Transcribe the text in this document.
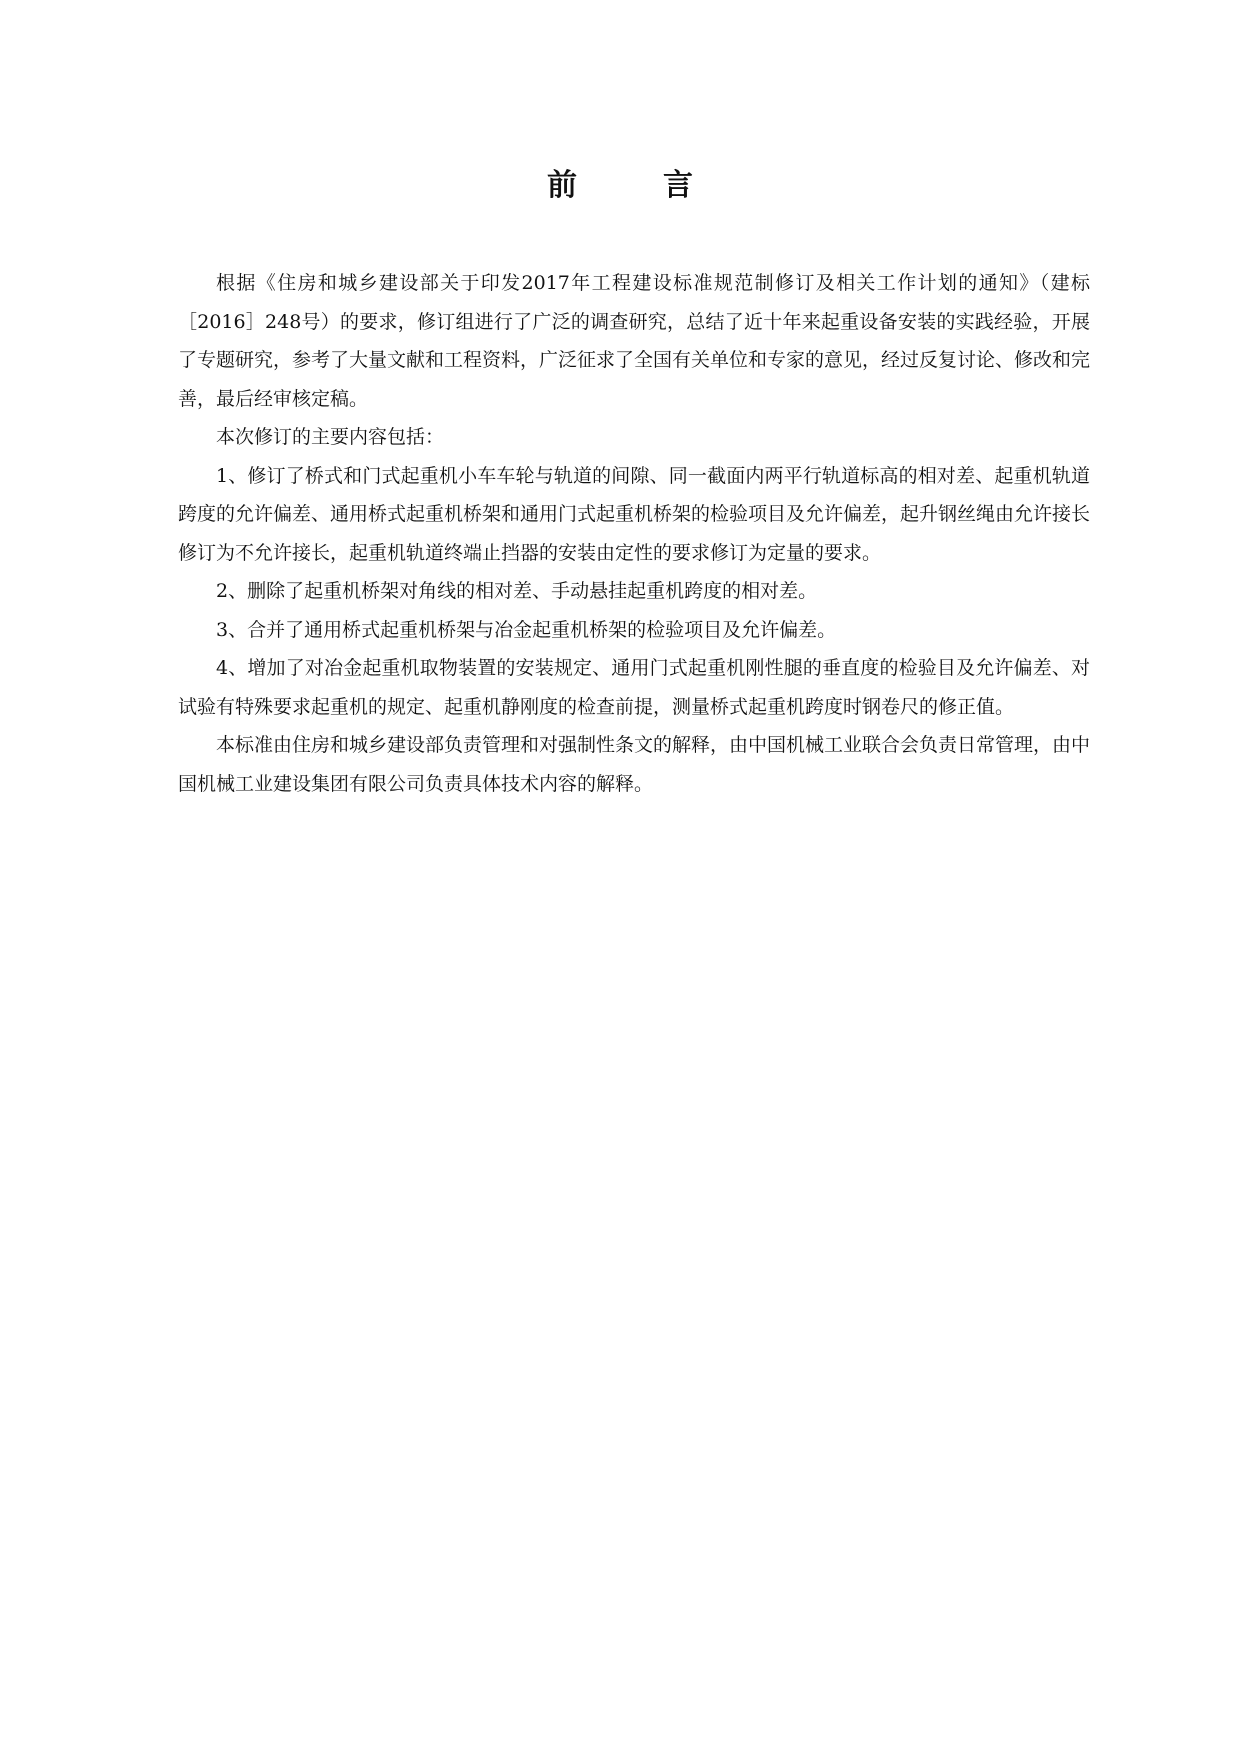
前　言

根据《住房和城乡建设部关于印发2017年工程建设标准规范制修订及相关工作计划的通知》（建标［2016］248号）的要求，修订组进行了广泛的调查研究，总结了近十年来起重设备安装的实践经验，开展了专题研究，参考了大量文献和工程资料，广泛征求了全国有关单位和专家的意见，经过反复讨论、修改和完善，最后经审核定稿。

本次修订的主要内容包括：

1、修订了桥式和门式起重机小车车轮与轨道的间隙、同一截面内两平行轨道标高的相对差、起重机轨道跨度的允许偏差、通用桥式起重机桥架和通用门式起重机桥架的检验项目及允许偏差，起升钢丝绳由允许接长修订为不允许接长，起重机轨道终端止挡器的安装由定性的要求修订为定量的要求。

2、删除了起重机桥架对角线的相对差、手动悬挂起重机跨度的相对差。

3、合并了通用桥式起重机桥架与冶金起重机桥架的检验项目及允许偏差。

4、增加了对冶金起重机取物装置的安装规定、通用门式起重机刚性腿的垂直度的检验目及允许偏差、对试验有特殊要求起重机的规定、起重机静刚度的检查前提，测量桥式起重机跨度时钢卷尺的修正值。

本标准由住房和城乡建设部负责管理和对强制性条文的解释，由中国机械工业联合会负责日常管理，由中国机械工业建设集团有限公司负责具体技术内容的解释。
